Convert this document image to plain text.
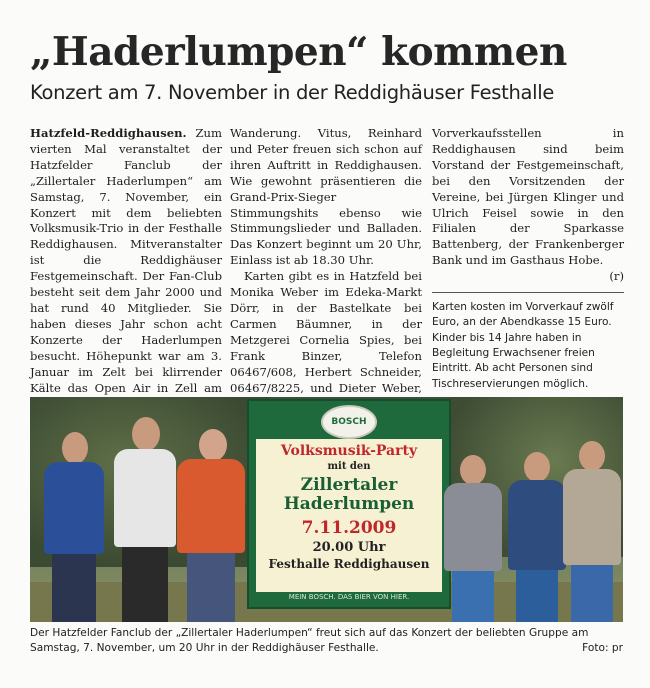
„Haderlumpen“ kommen
Konzert am 7. November in der Reddighäuser Festhalle

Hatzfeld-Reddighausen. Zum vierten Mal veranstaltet der Hatzfelder Fanclub der „Zillertaler Haderlumpen“ am Samstag, 7. November, ein Konzert mit dem beliebten Volksmusik-Trio in der Festhalle Reddighausen. Mitveranstalter ist die Reddighäuser Festgemeinschaft. Der Fan-Club besteht seit dem Jahr 2000 und hat rund 40 Mitglieder. Sie haben dieses Jahr schon acht Konzerte der Haderlumpen besucht. Höhepunkt war am 3. Januar im Zelt bei klirrender Kälte das Open Air in Zell am

Wanderung. Vitus, Reinhard und Peter freuen sich schon auf ihren Auftritt in Reddighausen. Wie gewohnt präsentieren die Grand-Prix-Sieger Stimmungshits ebenso wie Stimmungslieder und Balladen. Das Konzert beginnt um 20 Uhr, Einlass ist ab 18.30 Uhr.

Karten gibt es in Hatzfeld bei Monika Weber im Edeka-Markt Dörr, in der Bastelkate bei Carmen Bäumner, in der Metzgerei Cornelia Spies, bei Frank Binzer, Telefon 06467/608, Herbert Schneider, 06467/8225, und Dieter Weber,

Vorverkaufsstellen in Reddighausen sind beim Vorstand der Festgemeinschaft, bei den Vorsitzenden der Vereine, bei Jürgen Klinger und Ulrich Feisel sowie in den Filialen der Sparkasse Battenberg, der Frankenberger Bank und im Gasthaus Hobe.

(r)

Karten kosten im Vorverkauf zwölf Euro, an der Abendkasse 15 Euro. Kinder bis 14 Jahre haben in Begleitung Erwachsener freien Eintritt. Ab acht Personen sind Tischreservierungen möglich.
BOSCH
Volksmusik-Party
mit den
Zillertaler Haderlumpen
7.11.2009
20.00 Uhr
Festhalle Reddighausen
MEIN BOSCH. DAS BIER VON HIER.
Der Hatzfelder Fanclub der „Zillertaler Haderlumpen“ freut sich auf das Konzert der beliebten Gruppe am Samstag, 7. November, um 20 Uhr in der Reddighäuser Festhalle.	Foto: pr
